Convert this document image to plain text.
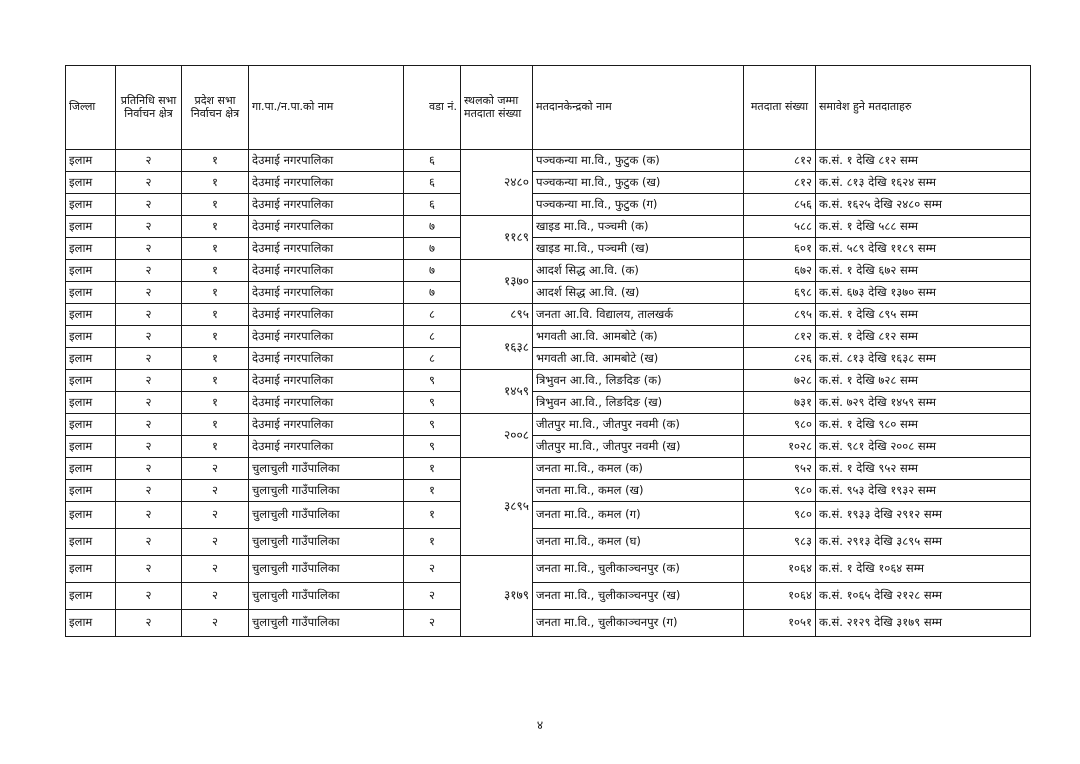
जिल्ला	प्रतिनिधि सभा निर्वाचन क्षेत्र	प्रदेश सभा निर्वाचन क्षेत्र	गा.पा./न.पा.को नाम	वडा नं.	स्थलको जम्मा मतदाता संख्या	मतदानकेन्द्रको नाम	मतदाता संख्या	समावेश हुने मतदाताहरु
इलाम	२	१	देउमाई नगरपालिका	६	२४८०	पञ्चकन्या मा.वि., फुटुक (क)	८१२	क.सं. १ देखि ८१२ सम्म
इलाम	२	१	देउमाई नगरपालिका	६		पञ्चकन्या मा.वि., फुटुक (ख)	८१२	क.सं. ८१३ देखि १६२४ सम्म
इलाम	२	१	देउमाई नगरपालिका	६		पञ्चकन्या मा.वि., फुटुक (ग)	८५६	क.सं. १६२५ देखि २४८० सम्म
इलाम	२	१	देउमाई नगरपालिका	७	११८९	खाइड मा.वि., पञ्चमी (क)	५८८	क.सं. १ देखि ५८८ सम्म
इलाम	२	१	देउमाई नगरपालिका	७		खाइड मा.वि., पञ्चमी (ख)	६०१	क.सं. ५८९ देखि ११८९ सम्म
इलाम	२	१	देउमाई नगरपालिका	७	१३७०	आदर्श सिद्ध आ.वि. (क)	६७२	क.सं. १ देखि ६७२ सम्म
इलाम	२	१	देउमाई नगरपालिका	७		आदर्श सिद्ध आ.वि. (ख)	६९८	क.सं. ६७३ देखि १३७० सम्म
इलाम	२	१	देउमाई नगरपालिका	८	८९५	जनता आ.वि. विद्यालय, तालखर्क	८९५	क.सं. १ देखि ८९५ सम्म
इलाम	२	१	देउमाई नगरपालिका	८	१६३८	भगवती आ.वि. आमबोटे (क)	८१२	क.सं. १ देखि ८१२ सम्म
इलाम	२	१	देउमाई नगरपालिका	८		भगवती आ.वि. आमबोटे (ख)	८२६	क.सं. ८१३ देखि १६३८ सम्म
इलाम	२	१	देउमाई नगरपालिका	९	१४५९	त्रिभुवन आ.वि., लिङदिङ (क)	७२८	क.सं. १ देखि ७२८ सम्म
इलाम	२	१	देउमाई नगरपालिका	९		त्रिभुवन आ.वि., लिङदिङ (ख)	७३१	क.सं. ७२९ देखि १४५९ सम्म
इलाम	२	१	देउमाई नगरपालिका	९	२००८	जीतपुर मा.वि., जीतपुर नवमी (क)	९८०	क.सं. १ देखि ९८० सम्म
इलाम	२	१	देउमाई नगरपालिका	९		जीतपुर मा.वि., जीतपुर नवमी (ख)	१०२८	क.सं. ९८१ देखि २००८ सम्म
इलाम	२	२	चुलाचुली गाउँपालिका	१	३८९५	जनता मा.वि., कमल (क)	९५२	क.सं. १ देखि ९५२ सम्म
इलाम	२	२	चुलाचुली गाउँपालिका	१		जनता मा.वि., कमल (ख)	९८०	क.सं. ९५३ देखि १९३२ सम्म
इलाम	२	२	चुलाचुली गाउँपालिका	१		जनता मा.वि., कमल (ग)	९८०	क.सं. १९३३ देखि २९१२ सम्म
इलाम	२	२	चुलाचुली गाउँपालिका	१		जनता मा.वि., कमल (घ)	९८३	क.सं. २९१३ देखि ३८९५ सम्म
इलाम	२	२	चुलाचुली गाउँपालिका	२	३१७९	जनता मा.वि., चुलीकाञ्चनपुर (क)	१०६४	क.सं. १ देखि १०६४ सम्म
इलाम	२	२	चुलाचुली गाउँपालिका	२		जनता मा.वि., चुलीकाञ्चनपुर (ख)	१०६४	क.सं. १०६५ देखि २१२८ सम्म
इलाम	२	२	चुलाचुली गाउँपालिका	२		जनता मा.वि., चुलीकाञ्चनपुर (ग)	१०५१	क.सं. २१२९ देखि ३१७९ सम्म
४
